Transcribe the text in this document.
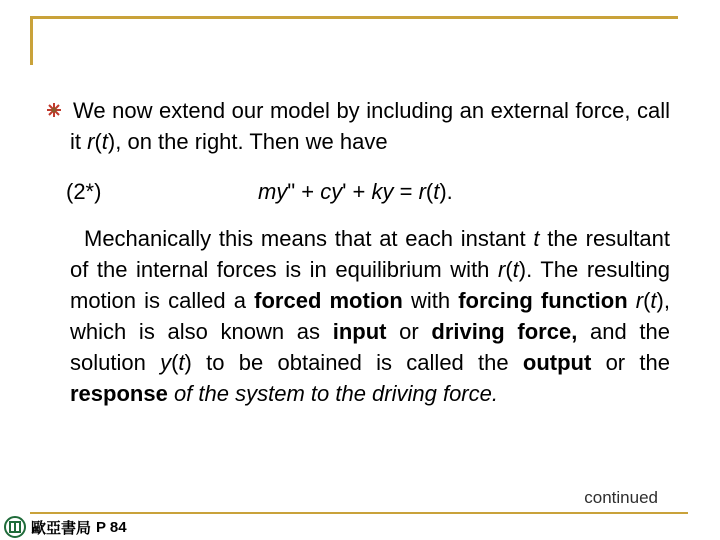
We now extend our model by including an external force, call it r(t), on the right. Then we have
(2*)	my" + cy' + ky = r(t).
Mechanically this means that at each instant t the resultant of the internal forces is in equilibrium with r(t). The resulting motion is called a forced motion with forcing function r(t), which is also known as input or driving force, and the solution y(t) to be obtained is called the output or the response of the system to the driving force.
continued
歐亞書局 P 84
